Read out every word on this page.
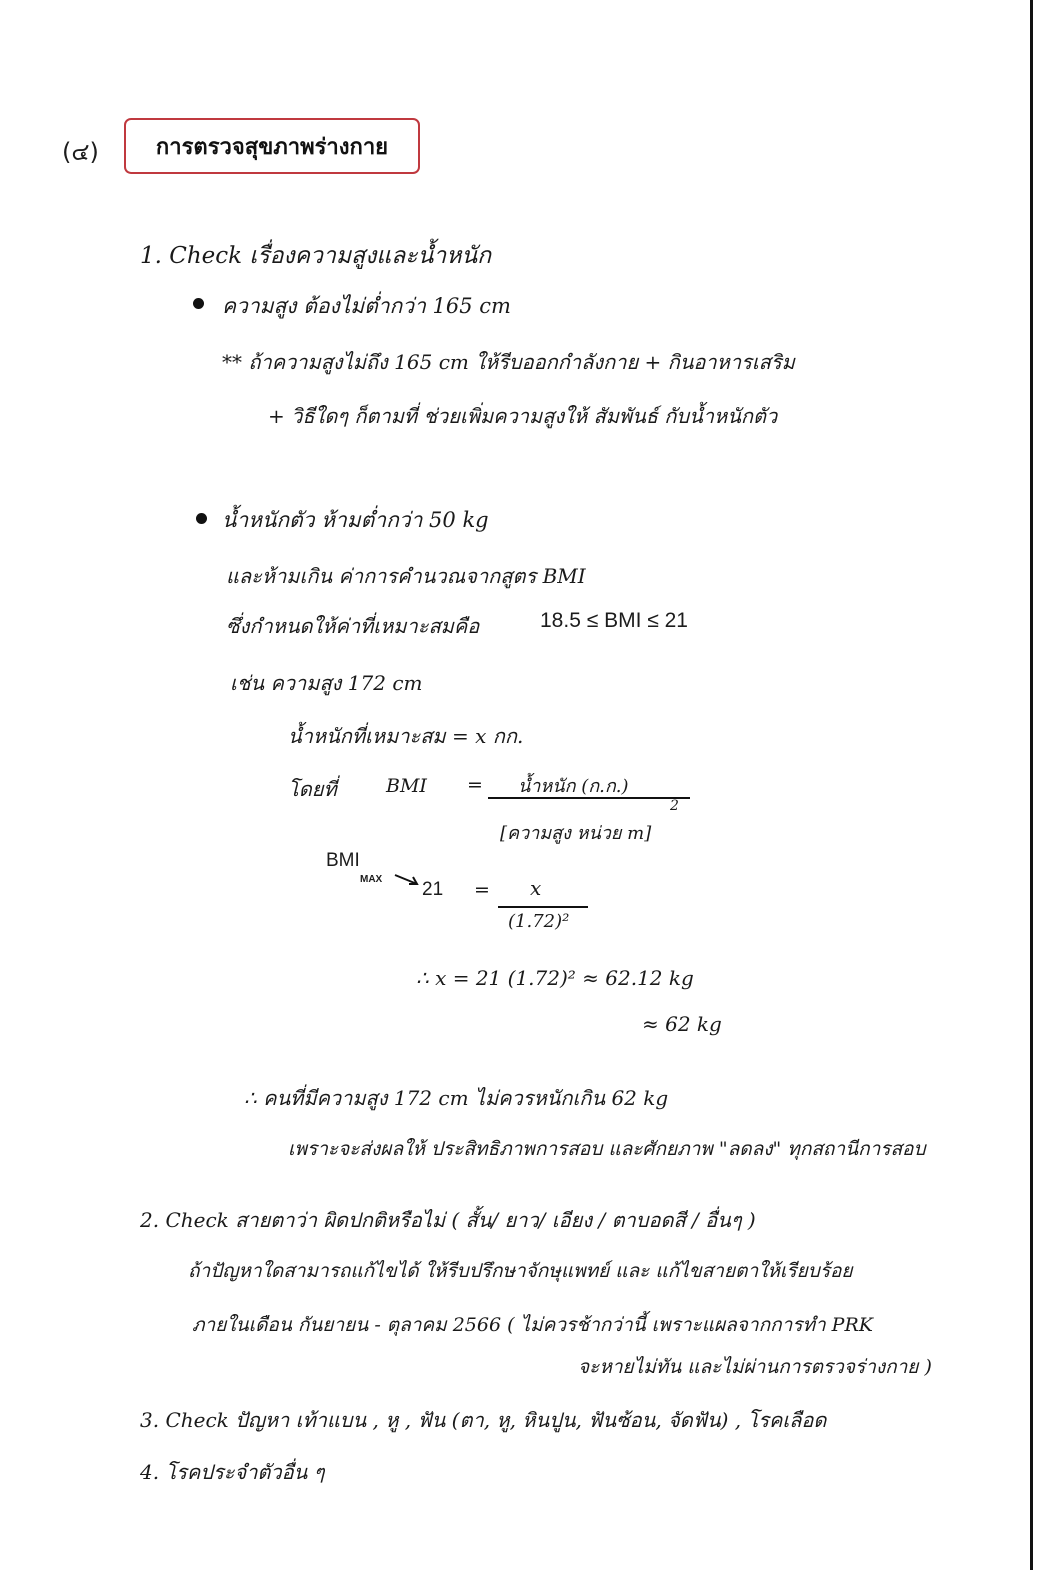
(๔)	การตรวจสุขภาพร่างกาย
1. Check เรื่องความสูงและน้ำหนัก
ความสูง ต้องไม่ต่ำกว่า 165 cm
** ถ้าความสูงไม่ถึง 165 cm ให้รีบออกกำลังกาย + กินอาหารเสริม
+ วิธีใดๆ ก็ตามที่ ช่วยเพิ่มความสูงให้ สัมพันธ์ กับน้ำหนักตัว
น้ำหนักตัว ห้ามต่ำกว่า 50 kg
และห้ามเกิน ค่าการคำนวณจากสูตร BMI
ซึ่งกำหนดให้ค่าที่เหมาะสมคือ	18.5 ≤ BMI ≤ 21
เช่น ความสูง 172 cm
น้ำหนักที่เหมาะสม = x กก.
โดยที่	BMI = น้ำหนัก (ก.ก.)
[ความสูง หน่วย m]
2
BMI
MAX 21 = x
(1.72)²
∴ x = 21 (1.72)² ≈ 62.12 kg
≈ 62 kg
∴ คนที่มีความสูง 172 cm ไม่ควรหนักเกิน 62 kg
เพราะจะส่งผลให้ ประสิทธิภาพการสอบ และศักยภาพ "ลดลง" ทุกสถานีการสอบ
2. Check สายตาว่า ผิดปกติหรือไม่ ( สั้น/ ยาว/ เอียง / ตาบอดสี / อื่นๆ )
ถ้าปัญหาใดสามารถแก้ไขได้ ให้รีบปรึกษาจักษุแพทย์ และ แก้ไขสายตาให้เรียบร้อย
ภายในเดือน กันยายน - ตุลาคม 2566 ( ไม่ควรช้ากว่านี้ เพราะแผลจากการทำ PRK
จะหายไม่ทัน และไม่ผ่านการตรวจร่างกาย )
3. Check ปัญหา เท้าแบน , หู , ฟัน (ตา, หู, หินปูน, ฟันซ้อน, จัดฟัน) , โรคเลือด
4. โรคประจำตัวอื่น ๆ
